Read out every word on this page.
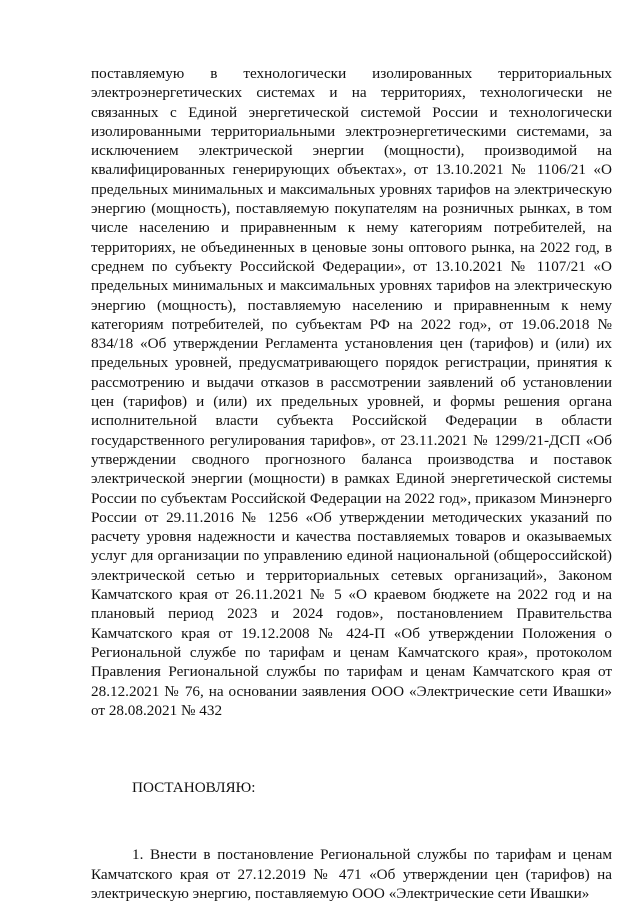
поставляемую в технологически изолированных территориальных электроэнергетических системах и на территориях, технологически не связанных с Единой энергетической системой России и технологически изолированными территориальными электроэнергетическими системами, за исключением электрической энергии (мощности), производимой на квалифицированных генерирующих объектах», от 13.10.2021 № 1106/21 «О предельных минимальных и максимальных уровнях тарифов на электрическую энергию (мощность), поставляемую покупателям на розничных рынках, в том числе населению и приравненным к нему категориям потребителей, на территориях, не объединенных в ценовые зоны оптового рынка, на 2022 год, в среднем по субъекту Российской Федерации», от 13.10.2021 № 1107/21 «О предельных минимальных и максимальных уровнях тарифов на электрическую энергию (мощность), поставляемую населению и приравненным к нему категориям потребителей, по субъектам РФ на 2022 год», от 19.06.2018 № 834/18 «Об утверждении Регламента установления цен (тарифов) и (или) их предельных уровней, предусматривающего порядок регистрации, принятия к рассмотрению и выдачи отказов в рассмотрении заявлений об установлении цен (тарифов) и (или) их предельных уровней, и формы решения органа исполнительной власти субъекта Российской Федерации в области государственного регулирования тарифов», от 23.11.2021 № 1299/21-ДСП «Об утверждении сводного прогнозного баланса производства и поставок электрической энергии (мощности) в рамках Единой энергетической системы России по субъектам Российской Федерации на 2022 год», приказом Минэнерго России от 29.11.2016 № 1256 «Об утверждении методических указаний по расчету уровня надежности и качества поставляемых товаров и оказываемых услуг для организации по управлению единой национальной (общероссийской) электрической сетью и территориальных сетевых организаций», Законом Камчатского края от 26.11.2021 № 5 «О краевом бюджете на 2022 год и на плановый период 2023 и 2024 годов», постановлением Правительства Камчатского края от 19.12.2008 № 424-П «Об утверждении Положения о Региональной службе по тарифам и ценам Камчатского края», протоколом Правления Региональной службы по тарифам и ценам Камчатского края от 28.12.2021 № 76, на основании заявления ООО «Электрические сети Ивашки» от 28.08.2021 № 432

ПОСТАНОВЛЯЮ:

1. Внести в постановление Региональной службы по тарифам и ценам Камчатского края от 27.12.2019 № 471 «Об утверждении цен (тарифов) на электрическую энергию, поставляемую ООО «Электрические сети Ивашки»
